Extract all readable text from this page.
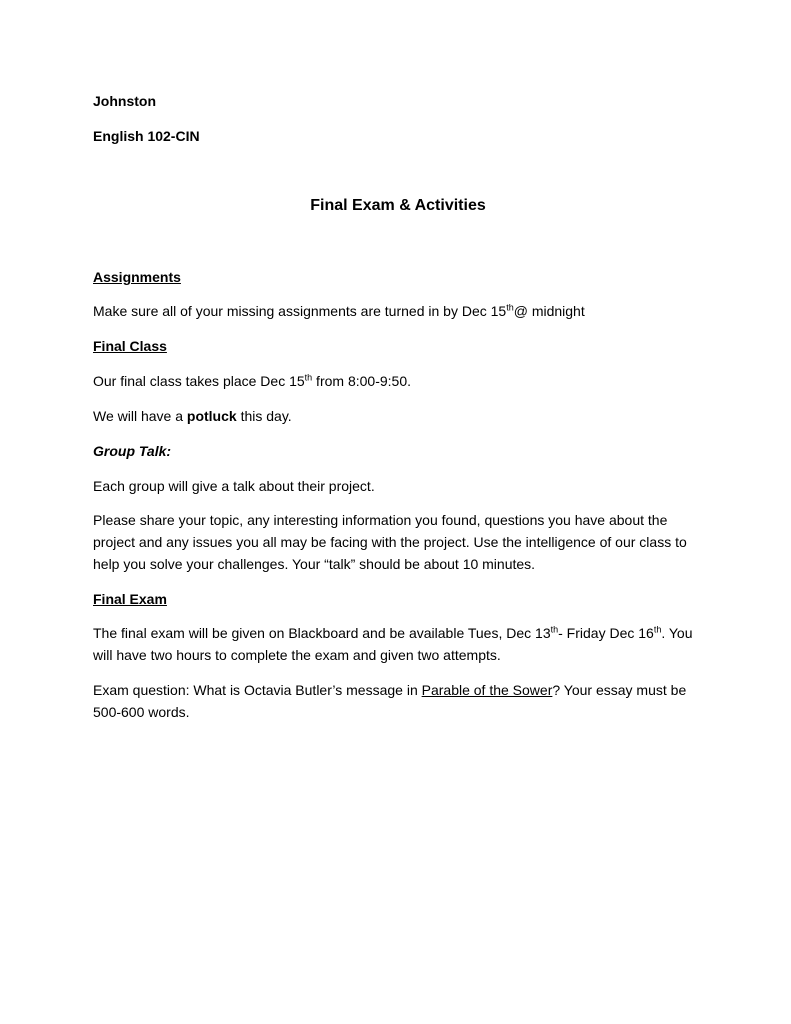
Johnston

English 102-CIN

Final Exam & Activities

Assignments

Make sure all of your missing assignments are turned in by Dec 15th@ midnight

Final Class

Our final class takes place Dec 15th from 8:00-9:50.

We will have a potluck this day.

Group Talk:

Each group will give a talk about their project.

Please share your topic, any interesting information you found, questions you have about the project and any issues you all may be facing with the project. Use the intelligence of our class to help you solve your challenges. Your “talk” should be about 10 minutes.

Final Exam

The final exam will be given on Blackboard and be available Tues, Dec 13th- Friday Dec 16th. You will have two hours to complete the exam and given two attempts.

Exam question: What is Octavia Butler’s message in Parable of the Sower? Your essay must be 500-600 words.
